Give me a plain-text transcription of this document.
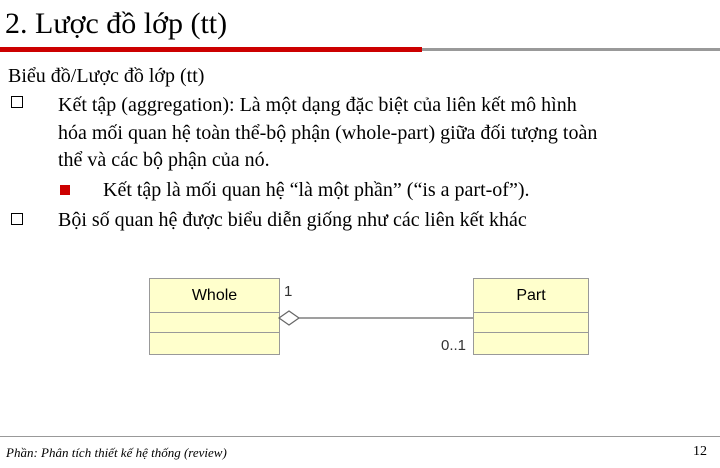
2. Lược đồ lớp (tt)
Biểu đồ/Lược đồ lớp (tt)
Kết tập (aggregation): Là một dạng đặc biệt của liên kết mô hình
hóa mối quan hệ toàn thể-bộ phận (whole-part) giữa đối tượng toàn
thể và các bộ phận của nó.
Kết tập là mối quan hệ “là một phần” (“is a part-of”).
Bội số quan hệ được biểu diễn giống như các liên kết khác
Whole	Part
1
0..1
Phần: Phân tích thiết kế hệ thống (review)	12
